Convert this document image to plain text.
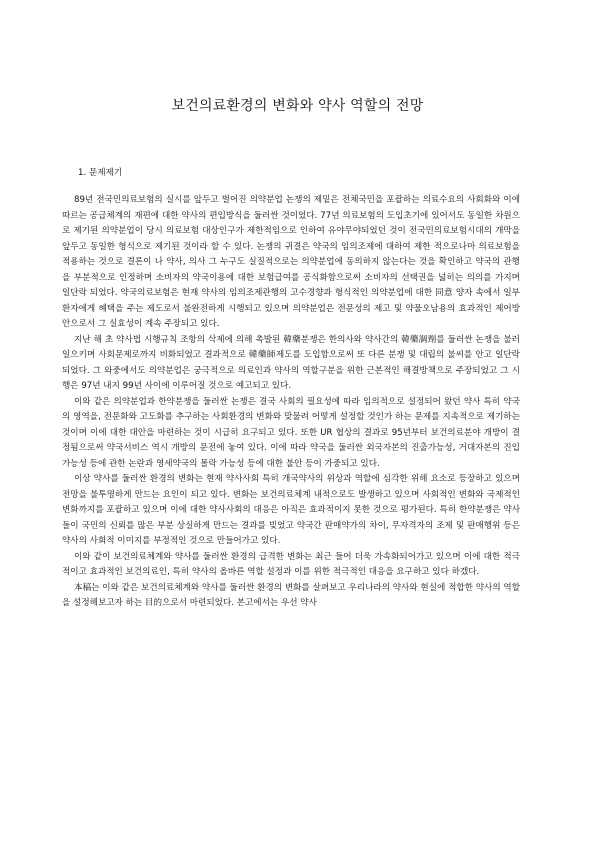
보건의료환경의 변화와 약사 역할의 전망
1. 문제제기

89년 전국민의료보험의 실시를 앞두고 벌어진 의약분업 논쟁의 제밑은 전체국민을 포괄하는 의료수요의 사회화와 이에 따르는 공급체계의 재편에 대한 약사의 편입방식을 둘러싼 것이었다. 77년 의료보험의 도입초기에 있어서도 동일한 차원으로 제기된 의약분업이 당시 의료보험 대상인구가 제한적임으로 인하여 유야무야되었던 것이 전국민의료보험시대의 개막을 앞두고 동일한 형식으로 제기된 것이라 할 수 있다. 논쟁의 귀결은 약국의 임의조제에 대하여 제한 적으로나마 의료보험을 적용하는 것으로 결론이 나 약사, 의사 그 누구도 실질적으로는 의약분업에 동의하지 않는다는 것을 확인하고 약국의 관행을 부분적으로 인정하며 소비자의 약국이용에 대한 보험급여를 공식화함으로써 소비자의 선택권을 넓히는 의의를 가지며 일단락 되었다. 약국의료보험은 현재 약사의 임의조제관행의 고수경향과 형식적인 의약분업에 대한 同意 양자 속에서 일부 환자에게 혜택을 주는 제도로서 불완전하게 시행되고 있으며 의약분업은 전문성의 제고 및 약물오남용의 효과적인 제어방안으로서 그 실효성이 계속 주장되고 있다.

지난 해 초 약사법 시행규칙 조항의 삭제에 의해 촉발된 韓藥분쟁은 한의사와 약사간의 韓藥調劑를 둘러싼 논쟁을 불러일으키며 사회문제로까지 비화되었고 결과적으로 韓藥師제도를 도입함으로써 또 다른 분쟁 및 대립의 불씨를 안고 일단락되었다. 그 와중에서도 의약분업은 궁극적으로 의료인과 약사의 역할구분을 위한 근본적인 해결방책으로 주장되었고 그 시행은 97년 내지 99년 사이에 이루어질 것으로 예고되고 있다.

이와 같은 의약분업과 한약분쟁을 둘러싼 논쟁은 결국 사회의 필요성에 따라 임의적으로 설정되어 왔던 약사 특히 약국의 영역을, 전문화와 고도화를 추구하는 사회환경의 변화와 맞물려 어떻게 설정할 것인가 하는 문제를 지속적으로 제기하는 것이며 이에 대한 대안을 마련하는 것이 시급히 요구되고 있다. 또한 UR 협상의 결과로 95년부터 보건의료분야 개방이 결정됨으로써 약국서비스 역시 개방의 문전에 놓여 있다. 이에 따라 약국을 둘러싼 외국자본의 진출가능성, 거대자본의 진입 가능성 등에 관한 논란과 영세약국의 몰락 가능성 등에 대한 불안 등이 가중되고 있다.

이상 약사를 둘러싼 환경의 변화는 현재 약사사회 특히 개국약사의 위상과 역할에 심각한 위해 요소로 등장하고 있으며 전망을 불투명하게 만드는 요인이 되고 있다. 변화는 보건의료체계 내적으로도 발생하고 있으며 사회적인 변화와 국제적인 변화까지를 포괄하고 있으며 이에 대한 약사사회의 대응은 아직은 효과적이지 못한 것으로 평가된다. 특히 한약분쟁은 약사들이 국민의 신뢰를 많은 부분 상실하게 만드는 결과를 빚었고 약국간 판매약가의 차이, 무자격자의 조제 및 판매행위 등은 약사의 사회적 이미지를 부정적인 것으로 만들어가고 있다.

이와 같이 보건의료체계와 약사를 둘러싼 환경의 급격한 변화는 최근 들어 더욱 가속화되어가고 있으며 이에 대한 적극적이고 효과적인 보건의료인, 특히 약사의 올바른 역할 설정과 이를 위한 적극적인 대응을 요구하고 있다 하겠다.

本稿는 이와 같은 보건의료체계와 약사를 둘러싼 환경의 변화를 살펴보고 우리나라의 약사와 현실에 적합한 약사의 역할을 설정해보고자 하는 目的으로서 마련되었다. 본고에서는 우선 약사
